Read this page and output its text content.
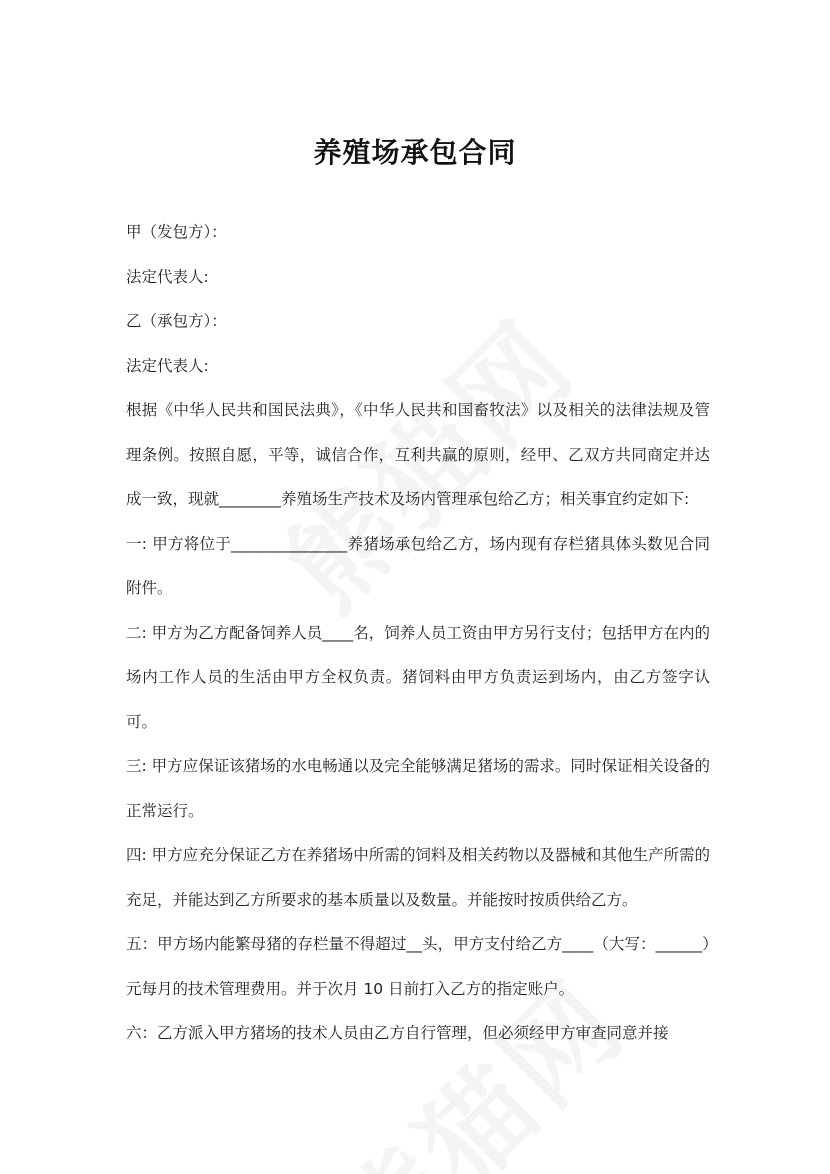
养殖场承包合同

甲（发包方）：

法定代表人:

乙（承包方）：

法定代表人:

根据《中华人民共和国民法典》，《中华人民共和国畜牧法》以及相关的法律法规及管理条例。按照自愿，平等，诚信合作，互利共赢的原则，经甲、乙双方共同商定并达成一致，现就________养殖场生产技术及场内管理承包给乙方；相关事宜约定如下:

一: 甲方将位于_______________养猪场承包给乙方，场内现有存栏猪具体头数见合同附件。

二: 甲方为乙方配备饲养人员____名，饲养人员工资由甲方另行支付；包括甲方在内的场内工作人员的生活由甲方全权负责。猪饲料由甲方负责运到场内，由乙方签字认可。

三: 甲方应保证该猪场的水电畅通以及完全能够满足猪场的需求。同时保证相关设备的正常运行。

四: 甲方应充分保证乙方在养猪场中所需的饲料及相关药物以及器械和其他生产所需的充足，并能达到乙方所要求的基本质量以及数量。并能按时按质供给乙方。

五：甲方场内能繁母猪的存栏量不得超过__头，甲方支付给乙方____（大写：______）元每月的技术管理费用。并于次月 10 日前打入乙方的指定账户。

六：乙方派入甲方猪场的技术人员由乙方自行管理，但必须经甲方审查同意并接
